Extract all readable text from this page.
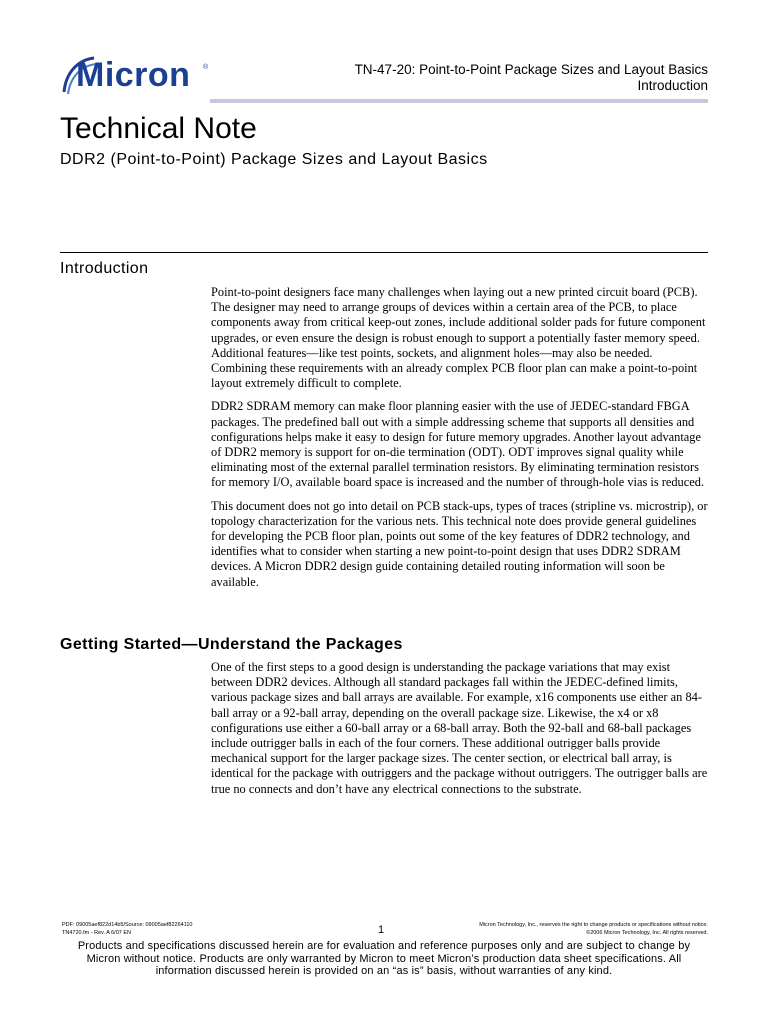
Micron ®	TN-47-20: Point-to-Point Package Sizes and Layout Basics
Introduction
Technical Note
DDR2 (Point-to-Point) Package Sizes and Layout Basics
Introduction

Point-to-point designers face many challenges when laying out a new printed circuit board (PCB). The designer may need to arrange groups of devices within a certain area of the PCB, to place components away from critical keep-out zones, include additional solder pads for future component upgrades, or even ensure the design is robust enough to support a potentially faster memory speed. Additional features—like test points, sockets, and alignment holes—may also be needed. Combining these requirements with an already complex PCB floor plan can make a point-to-point layout extremely difficult to complete.

DDR2 SDRAM memory can make floor planning easier with the use of JEDEC-standard FBGA packages. The predefined ball out with a simple addressing scheme that supports all densities and configurations helps make it easy to design for future memory upgrades. Another layout advantage of DDR2 memory is support for on-die termination (ODT). ODT improves signal quality while eliminating most of the external parallel termination resistors. By eliminating termination resistors for memory I/O, available board space is increased and the number of through-hole vias is reduced.

This document does not go into detail on PCB stack-ups, types of traces (stripline vs. microstrip), or topology characterization for the various nets. This technical note does provide general guidelines for developing the PCB floor plan, points out some of the key features of DDR2 technology, and identifies what to consider when starting a new point-to-point design that uses DDR2 SDRAM devices. A Micron DDR2 design guide containing detailed routing information will soon be available.

Getting Started—Understand the Packages

One of the first steps to a good design is understanding the package variations that may exist between DDR2 devices. Although all standard packages fall within the JEDEC-defined limits, various package sizes and ball arrays are available. For example, x16 components use either an 84-ball array or a 92-ball array, depending on the overall package size. Likewise, the x4 or x8 configurations use either a 60-ball array or a 68-ball array. Both the 92-ball and 68-ball packages include outrigger balls in each of the four corners. These additional outrigger balls provide mechanical support for the larger package sizes. The center section, or electrical ball array, is identical for the package with outriggers and the package without outriggers. The outrigger balls are true no connects and don’t have any electrical connections to the substrate.

PDF: 09005aef822d14b5/Source: 09005aef82264110
TN4720.fm - Rev. A 6/07 EN	1	Micron Technology, Inc., reserves the right to change products or specifications without notice.
©2006 Micron Technology, Inc. All rights reserved.
Products and specifications discussed herein are for evaluation and reference purposes only and are subject to change by Micron without notice. Products are only warranted by Micron to meet Micron’s production data sheet specifications. All information discussed herein is provided on an “as is” basis, without warranties of any kind.
